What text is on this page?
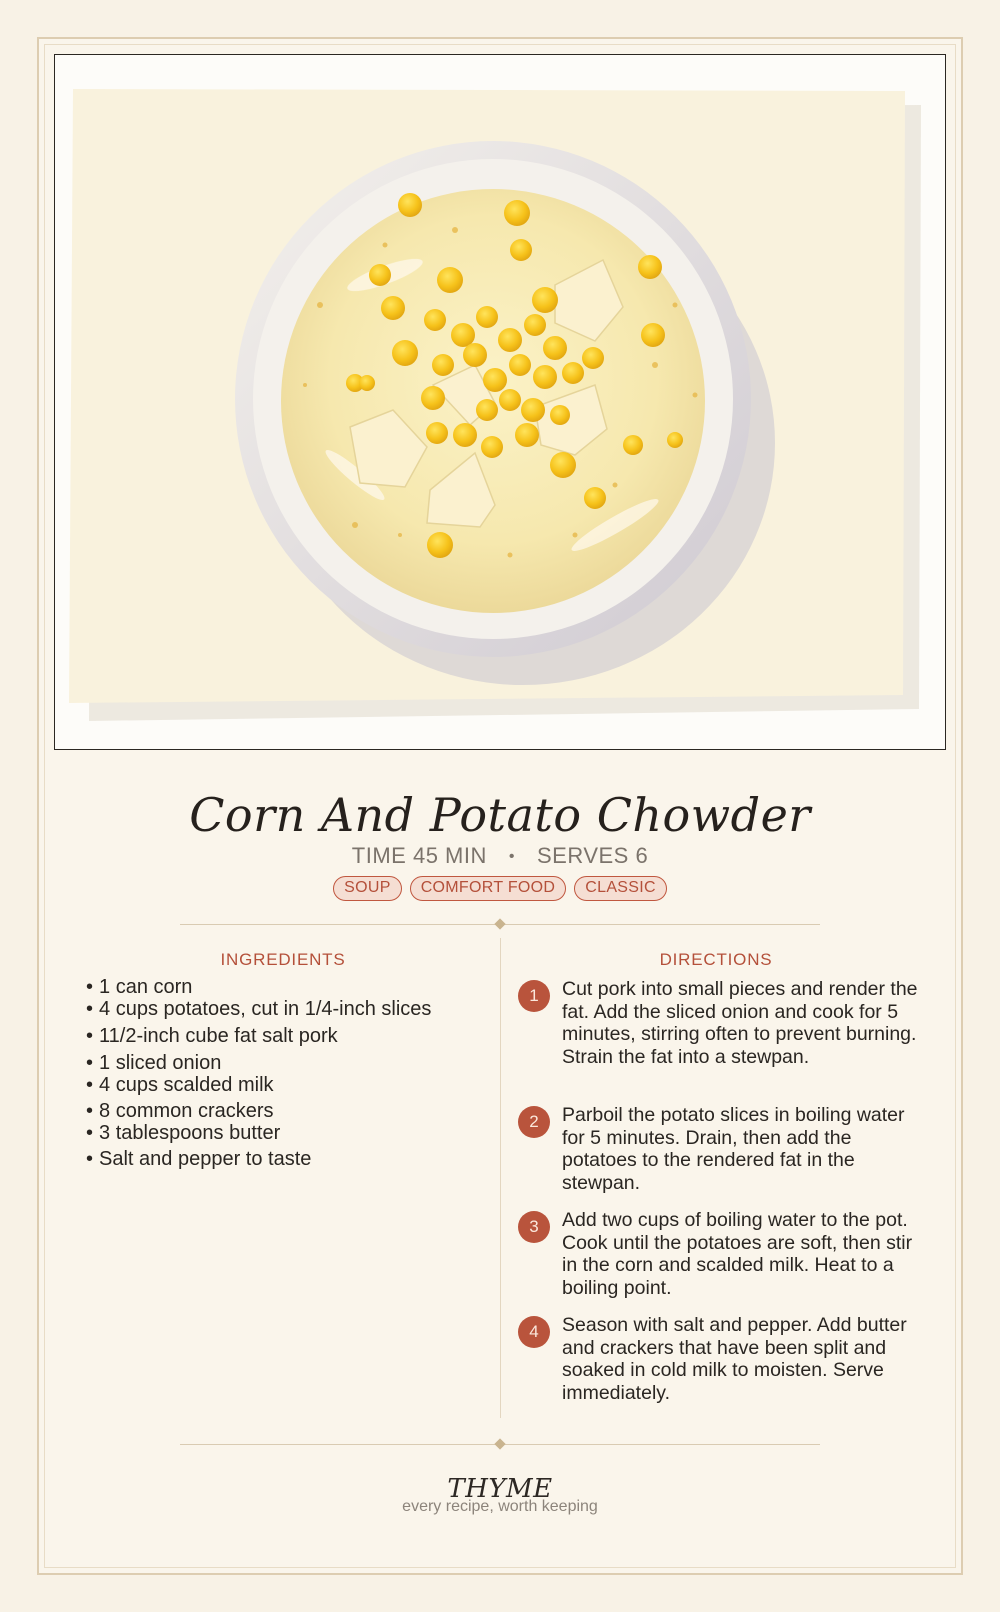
Corn And Potato Chowder
TIME 45 MIN • SERVES 6
SOUP COMFORT FOOD CLASSIC
INGREDIENTS	DIRECTIONS
• 1 can corn
• 4 cups potatoes, cut in 1/4-inch slices
• 11/2-inch cube fat salt pork
• 1 sliced onion
• 4 cups scalded milk
• 8 common crackers
• 3 tablespoons butter
• Salt and pepper to taste
1	Cut pork into small pieces and render the fat. Add the sliced onion and cook for 5 minutes, stirring often to prevent burning. Strain the fat into a stewpan.
2	Parboil the potato slices in boiling water for 5 minutes. Drain, then add the potatoes to the rendered fat in the stewpan.
3	Add two cups of boiling water to the pot. Cook until the potatoes are soft, then stir in the corn and scalded milk. Heat to a boiling point.
4	Season with salt and pepper. Add butter and crackers that have been split and soaked in cold milk to moisten. Serve immediately.
THYME
every recipe, worth keeping
